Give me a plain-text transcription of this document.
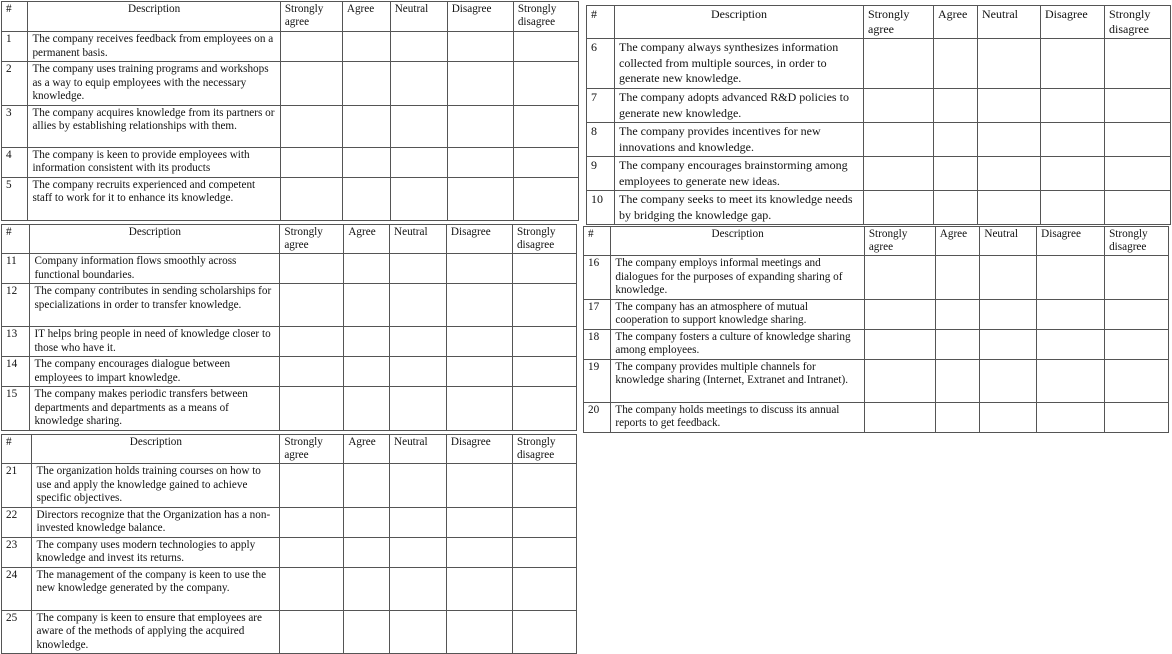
#	Description	Strongly agree	Agree	Neutral	Disagree	Strongly disagree
1	The company receives feedback from employees on a permanent basis.					
2	The company uses training programs and workshops as a way to equip employees with the necessary knowledge.					
3	The company acquires knowledge from its partners or allies by establishing relationships with them.					
4	The company is keen to provide employees with information consistent with its products					
5	The company recruits experienced and competent staff to work for it to enhance its knowledge.					
#	Description	Strongly agree	Agree	Neutral	Disagree	Strongly disagree
6	The company always synthesizes information collected from multiple sources, in order to generate new knowledge.					
7	The company adopts advanced R&D policies to generate new knowledge.					
8	The company provides incentives for new innovations and knowledge.					
9	The company encourages brainstorming among employees to generate new ideas.					
10	The company seeks to meet its knowledge needs by bridging the knowledge gap.					
#	Description	Strongly agree	Agree	Neutral	Disagree	Strongly disagree
11	Company information flows smoothly across functional boundaries.					
12	The company contributes in sending scholarships for specializations in order to transfer knowledge.					
13	IT helps bring people in need of knowledge closer to those who have it.					
14	The company encourages dialogue between employees to impart knowledge.					
15	The company makes periodic transfers between departments and departments as a means of knowledge sharing.					
#	Description	Strongly agree	Agree	Neutral	Disagree	Strongly disagree
16	The company employs informal meetings and dialogues for the purposes of expanding sharing of knowledge.					
17	The company has an atmosphere of mutual cooperation to support knowledge sharing.					
18	The company fosters a culture of knowledge sharing among employees.					
19	The company provides multiple channels for knowledge sharing (Internet, Extranet and Intranet).					
20	The company holds meetings to discuss its annual reports to get feedback.					
#	Description	Strongly agree	Agree	Neutral	Disagree	Strongly disagree
21	The organization holds training courses on how to use and apply the knowledge gained to achieve specific objectives.					
22	Directors recognize that the Organization has a non-invested knowledge balance.					
23	The company uses modern technologies to apply knowledge and invest its returns.					
24	The management of the company is keen to use the new knowledge generated by the company.					
25	The company is keen to ensure that employees are aware of the methods of applying the acquired knowledge.					
